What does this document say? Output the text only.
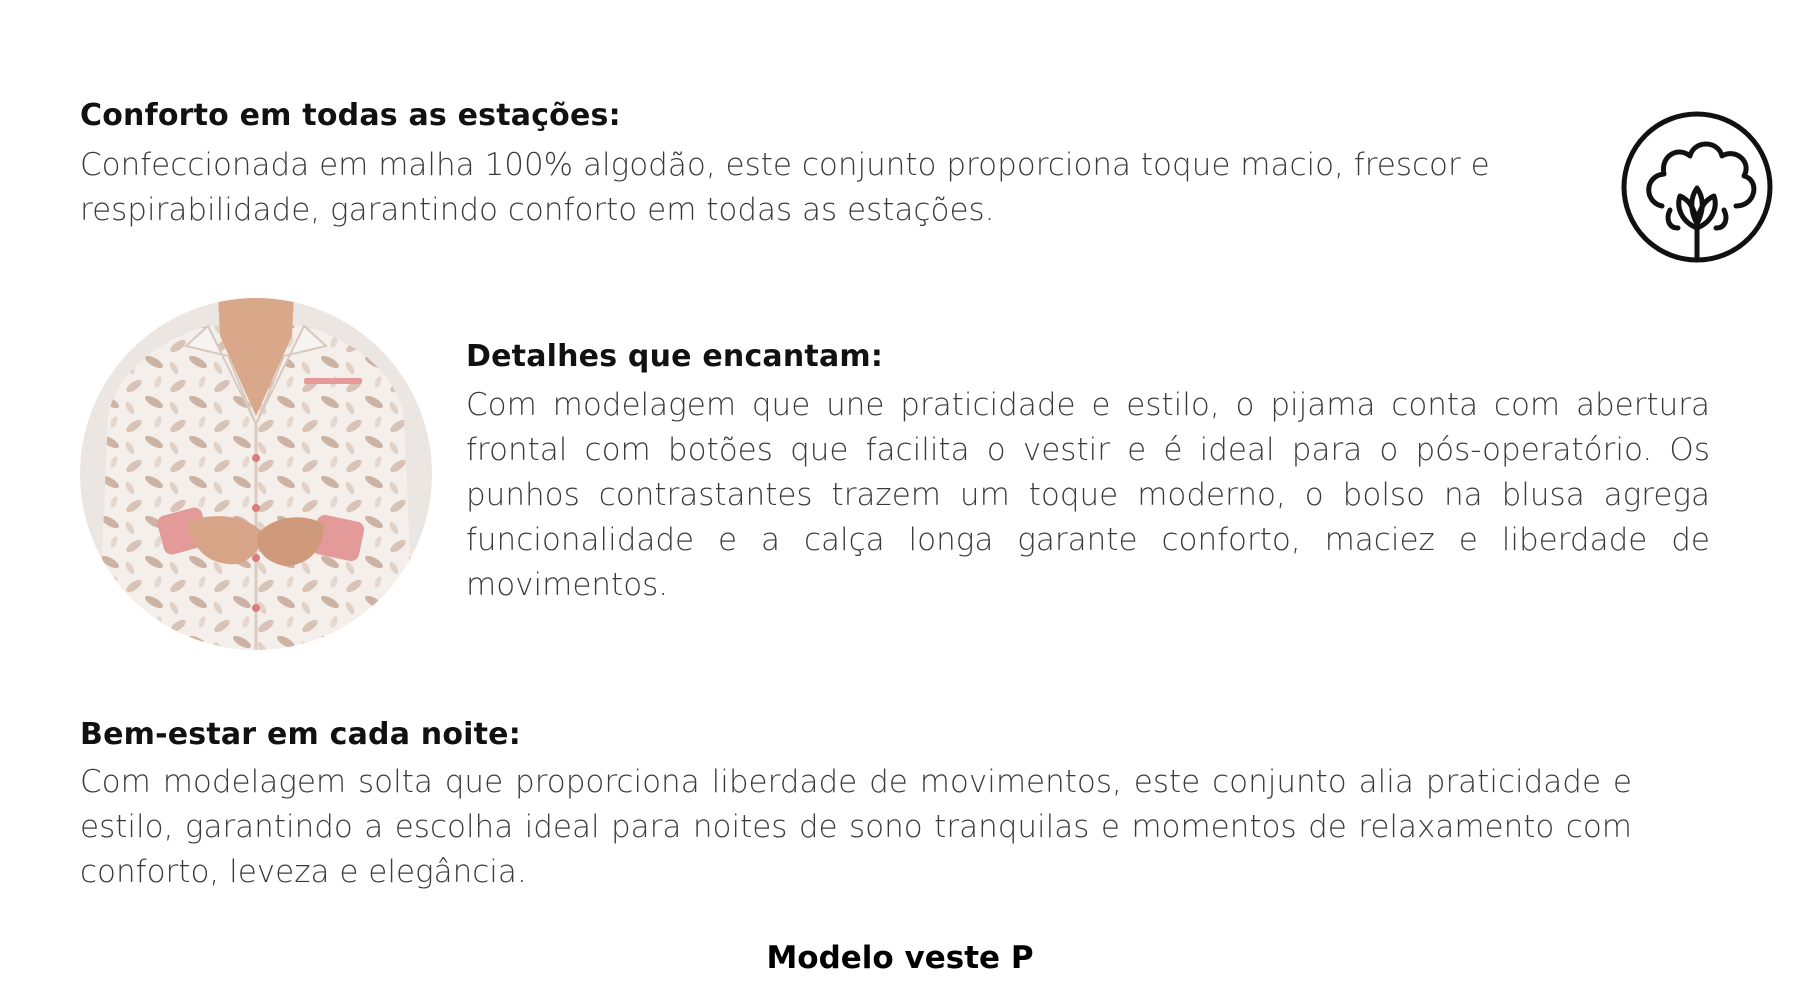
Conforto em todas as estações:

Confeccionada em malha 100% algodão, este conjunto proporciona toque macio, frescor e respirabilidade, garantindo conforto em todas as estações.

Detalhes que encantam:

Com modelagem que une praticidade e estilo, o pijama conta com abertura frontal com botões que facilita o vestir e é ideal para o pós-operatório. Os punhos contrastantes trazem um toque moderno, o bolso na blusa agrega funcionalidade e a calça longa garante conforto, maciez e liberdade de movimentos.

Bem-estar em cada noite:

Com modelagem solta que proporciona liberdade de movimentos, este conjunto alia praticidade e estilo, garantindo a escolha ideal para noites de sono tranquilas e momentos de relaxamento com conforto, leveza e elegância.

Modelo veste P
